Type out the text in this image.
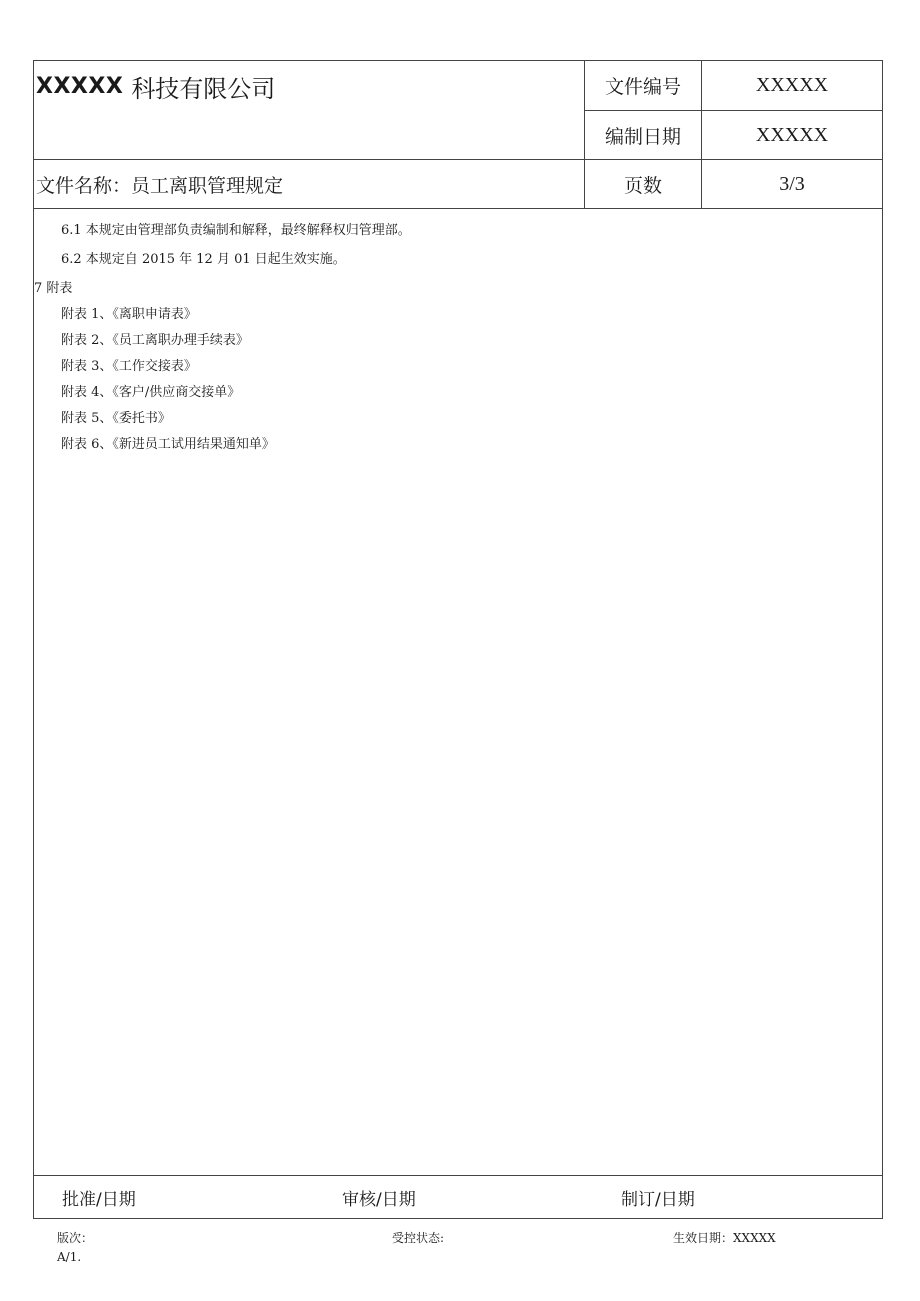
XXXXX 科技有限公司	文件编号	XXXXX
编制日期	XXXXX
文件名称：员工离职管理规定	页数	3/3
6.1 本规定由管理部负责编制和解释，最终解释权归管理部。
6.2 本规定自 2015 年 12 月 01 日起生效实施。
7 附表
附表 1、《离职申请表》
附表 2、《员工离职办理手续表》
附表 3、《工作交接表》
附表 4、《客户/供应商交接单》
附表 5、《委托书》
附表 6、《新进员工试用结果通知单》
批准/日期	审核/日期	制订/日期
版次：
A/1.
受控状态:	生效日期：XXXXX
